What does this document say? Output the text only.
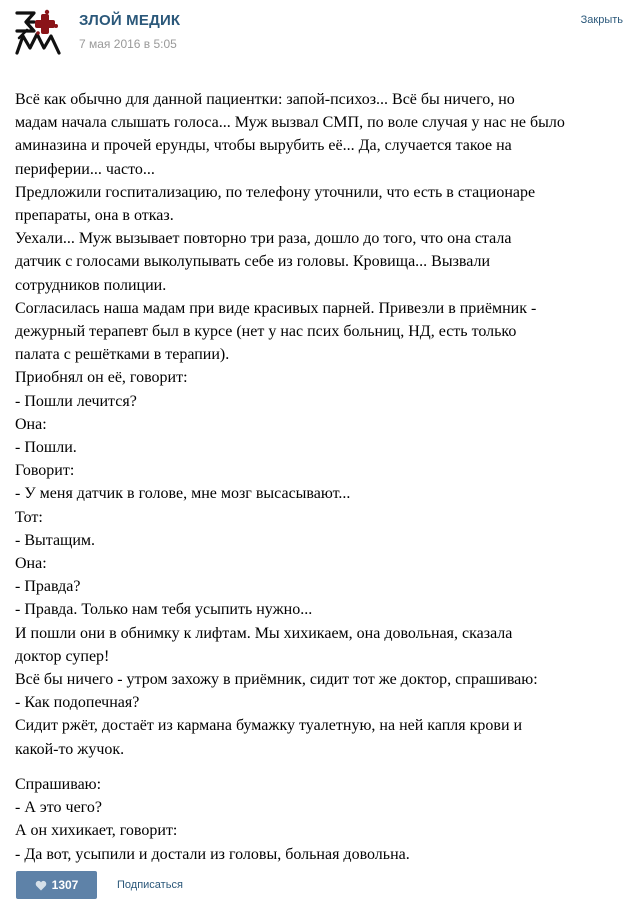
ЗЛОЙ МЕДИК
7 мая 2016 в 5:05
Закрыть
Всё как обычно для данной пациентки: запой-психоз... Всё бы ничего, но
мадам начала слышать голоса... Муж вызвал СМП, по воле случая у нас не было
аминазина и прочей ерунды, чтобы вырубить её... Да, случается такое на
периферии... часто...
Предложили госпитализацию, по телефону уточнили, что есть в стационаре
препараты, она в отказ.
Уехали... Муж вызывает повторно три раза, дошло до того, что она стала
датчик с голосами выколупывать себе из головы. Кровища... Вызвали
сотрудников полиции.
Согласилась наша мадам при виде красивых парней. Привезли в приёмник -
дежурный терапевт был в курсе (нет у нас псих больниц, НД, есть только
палата с решётками в терапии).
Приобнял он её, говорит:
- Пошли лечится?
Она:
- Пошли.
Говорит:
- У меня датчик в голове, мне мозг высасывают...
Тот:
- Вытащим.
Она:
- Правда?
- Правда. Только нам тебя усыпить нужно...
И пошли они в обнимку к лифтам. Мы хихикаем, она довольная, сказала
доктор супер!
Всё бы ничего - утром захожу в приёмник, сидит тот же доктор, спрашиваю:
- Как подопечная?
Сидит ржёт, достаёт из кармана бумажку туалетную, на ней капля крови и
какой-то жучок.
Спрашиваю:
- А это чего?
А он хихикает, говорит:
- Да вот, усыпили и достали из головы, больная довольна.
1307	Подписаться
